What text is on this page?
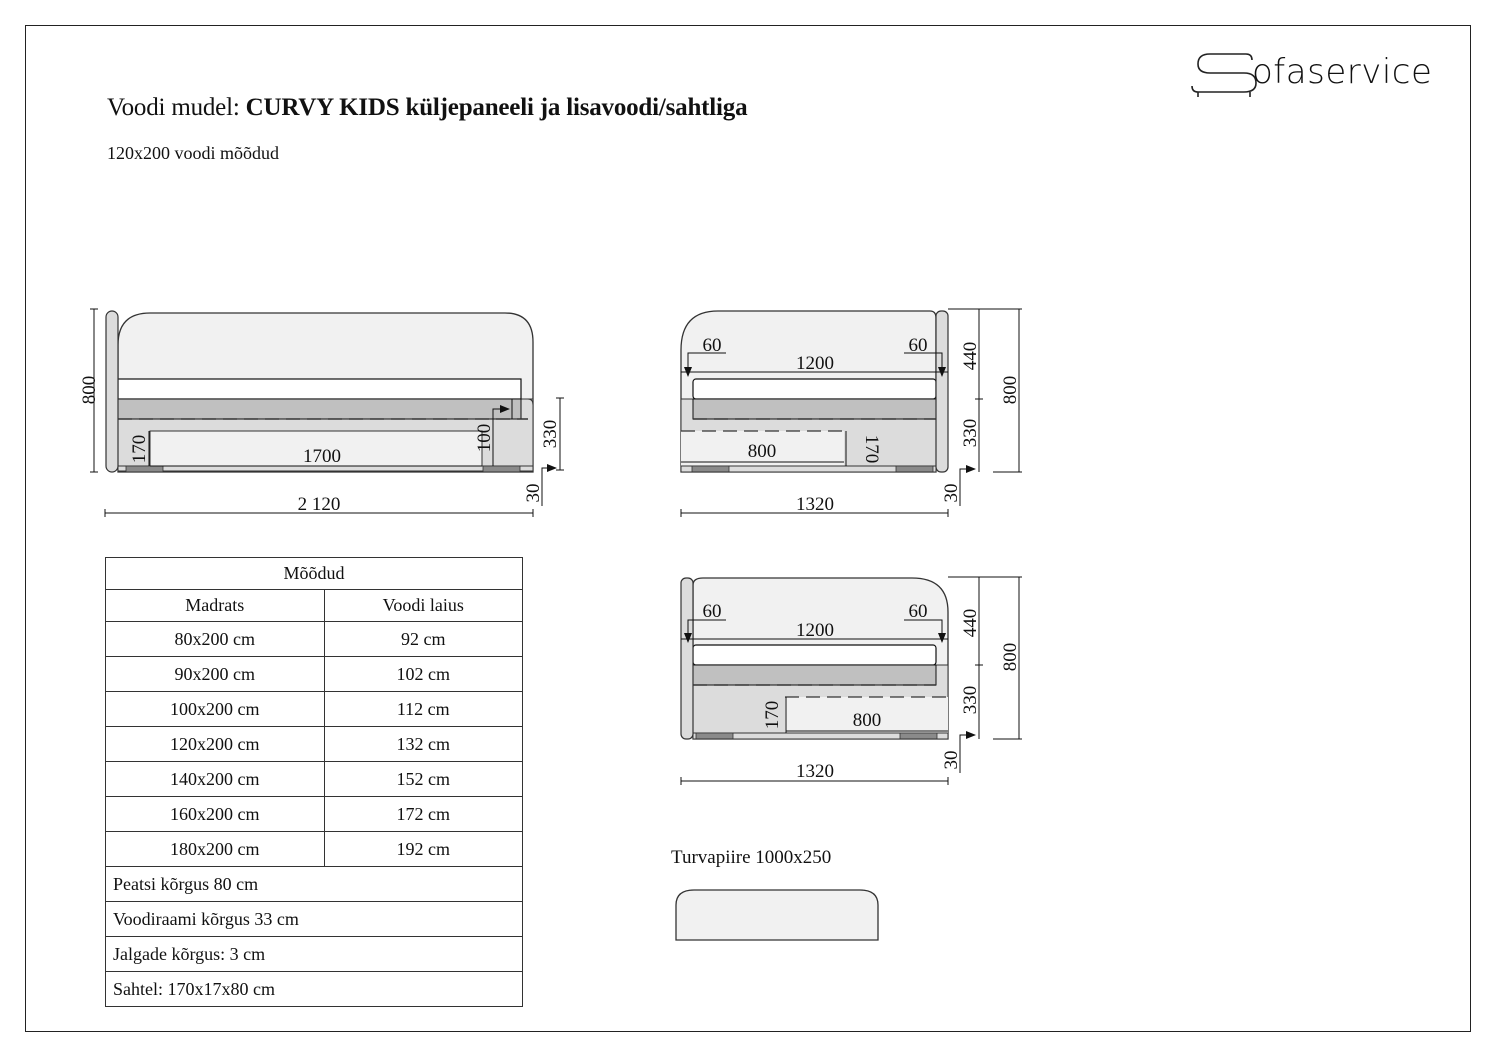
Voodi mudel: CURVY KIDS küljepaneeli ja lisavoodi/sahtliga
120x200 voodi mõõdud
ofaservice
800
170	1700
100 330
30
2 120
60	60
1200
800	170
440
330
800
30
1320
60	60
1200
170	800
440
330
800
30
1320
Turvapiire 1000x250
Mõõdud	
Madrats	Voodi laius
80x200 cm	92 cm
90x200 cm	102 cm
100x200 cm	112 cm
120x200 cm	132 cm
140x200 cm	152 cm
160x200 cm	172 cm
180x200 cm	192 cm
Peatsi kõrgus 80 cm	
Voodiraami kõrgus 33 cm	
Jalgade kõrgus: 3 cm	
Sahtel: 170x17x80 cm	
